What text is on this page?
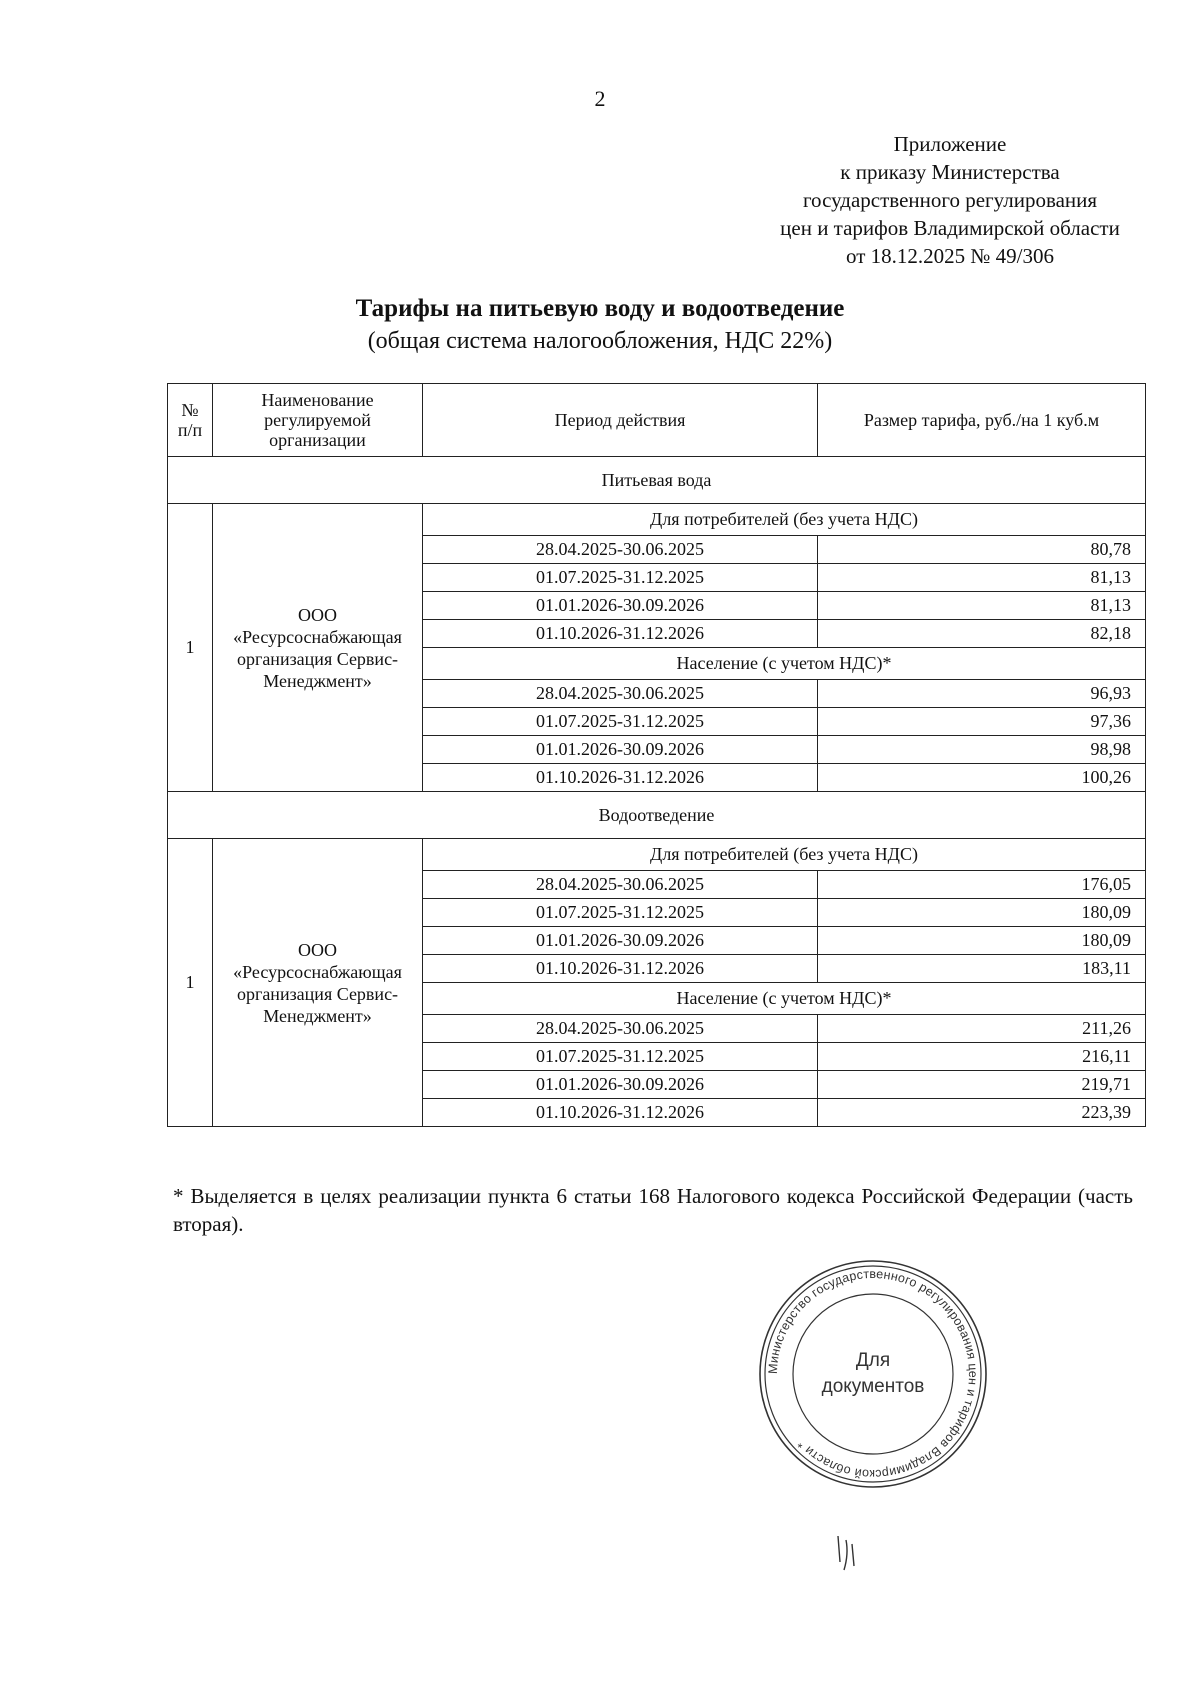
2
Приложение
к приказу Министерства
государственного регулирования
цен и тарифов Владимирской области
от 18.12.2025 № 49/306
Тарифы на питьевую воду и водоотведение
(общая система налогообложения, НДС 22%)
№ п/п	Наименование регулируемой организации	Период действия	Размер тарифа, руб./на 1 куб.м
Питьевая вода			
1	ООО «Ресурсоснабжающая организация Сервис-Менеджмент»	Для потребителей (без учета НДС)	
		28.04.2025-30.06.2025	80,78
		01.07.2025-31.12.2025	81,13
		01.01.2026-30.09.2026	81,13
		01.10.2026-31.12.2026	82,18
		Население (с учетом НДС)*	
		28.04.2025-30.06.2025	96,93
		01.07.2025-31.12.2025	97,36
		01.01.2026-30.09.2026	98,98
		01.10.2026-31.12.2026	100,26
Водоотведение			
1	ООО «Ресурсоснабжающая организация Сервис-Менеджмент»	Для потребителей (без учета НДС)	
		28.04.2025-30.06.2025	176,05
		01.07.2025-31.12.2025	180,09
		01.01.2026-30.09.2026	180,09
		01.10.2026-31.12.2026	183,11
		Население (с учетом НДС)*	
		28.04.2025-30.06.2025	211,26
		01.07.2025-31.12.2025	216,11
		01.01.2026-30.09.2026	219,71
		01.10.2026-31.12.2026	223,39
* Выделяется в целях реализации пункта 6 статьи 168 Налогового кодекса Российской Федерации (часть вторая).
Министерство государственного регулирования цен и тарифов Владимирской области *
Для
документов
